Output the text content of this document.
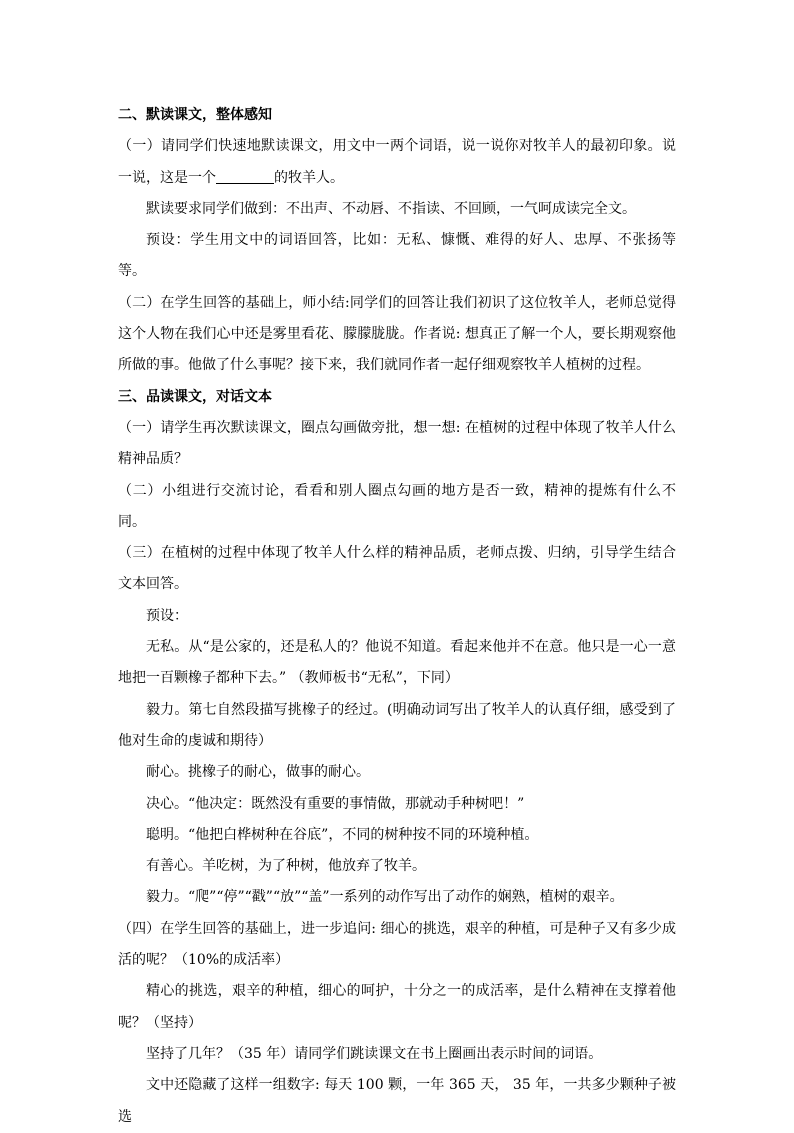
二、默读课文，整体感知

（一）请同学们快速地默读课文，用文中一两个词语，说一说你对牧羊人的最初印象。说一说，这是一个	的牧羊人。

默读要求同学们做到：不出声、不动唇、不指读、不回顾，一气呵成读完全文。

预设：学生用文中的词语回答，比如：无私、慷慨、难得的好人、忠厚、不张扬等等。

（二）在学生回答的基础上，师小结:同学们的回答让我们初识了这位牧羊人，老师总觉得这个人物在我们心中还是雾里看花、朦朦胧胧。作者说: 想真正了解一个人，要长期观察他所做的事。他做了什么事呢？接下来，我们就同作者一起仔细观察牧羊人植树的过程。

三、品读课文，对话文本

（一）请学生再次默读课文，圈点勾画做旁批，想一想: 在植树的过程中体现了牧羊人什么精神品质？

（二）小组进行交流讨论，看看和别人圈点勾画的地方是否一致，精神的提炼有什么不同。

（三）在植树的过程中体现了牧羊人什么样的精神品质，老师点拨、归纳，引导学生结合文本回答。

预设：

无私。从“是公家的，还是私人的？他说不知道。看起来他并不在意。他只是一心一意地把一百颗橡子都种下去。” （教师板书“无私”，下同）

毅力。第七自然段描写挑橡子的经过。(明确动词写出了牧羊人的认真仔细，感受到了他对生命的虔诚和期待）

耐心。挑橡子的耐心，做事的耐心。

决心。“他决定：既然没有重要的事情做，那就动手种树吧！”

聪明。“他把白桦树种在谷底”，不同的树种按不同的环境种植。

有善心。羊吃树，为了种树，他放弃了牧羊。

毅力。“爬”“停”“戳”“放”“盖”一系列的动作写出了动作的娴熟，植树的艰辛。

（四）在学生回答的基础上，进一步追问: 细心的挑选，艰辛的种植，可是种子又有多少成活的呢？（10%的成活率）

精心的挑选，艰辛的种植，细心的呵护，十分之一的成活率，是什么精神在支撑着他呢？（坚持）

坚持了几年？（35 年）请同学们跳读课文在书上圈画出表示时间的词语。

文中还隐藏了这样一组数字: 每天 100 颗，一年 365 天， 35 年，一共多少颗种子被选
